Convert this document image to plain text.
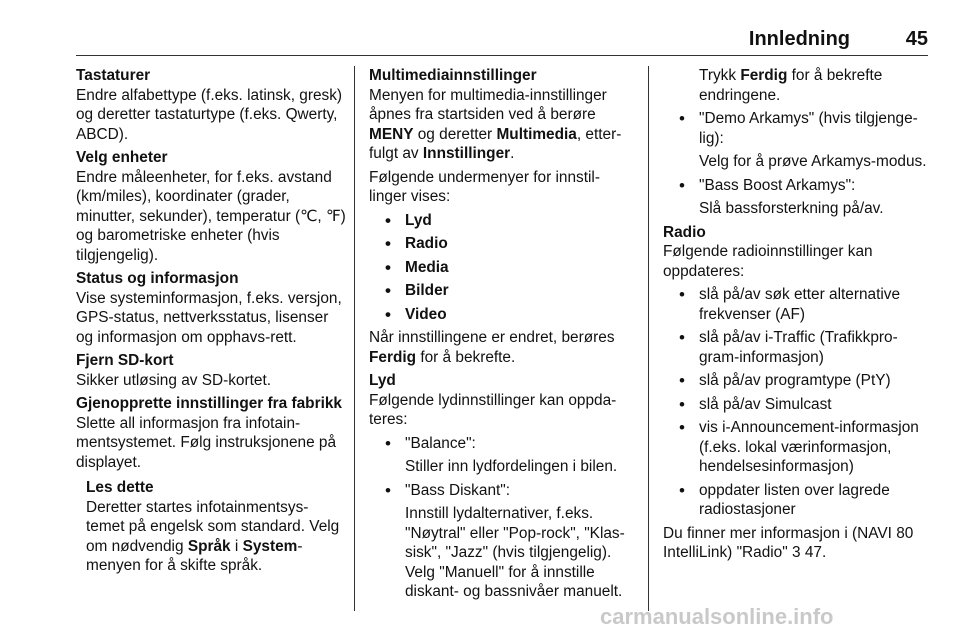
Innledning	45
Tastaturer
Endre alfabettype (f.eks. latinsk, gresk) og deretter tastaturtype (f.eks. Qwerty, ABCD).
Velg enheter
Endre måleenheter, for f.eks. avstand (km/miles), koordinater (grader, minutter, sekunder), temperatur (℃, ℉) og barometriske enheter (hvis tilgjengelig).
Status og informasjon
Vise systeminformasjon, f.eks. versjon, GPS-status, nettverksstatus, lisenser og informasjon om opphavs-rett.
Fjern SD-kort
Sikker utløsing av SD-kortet.
Gjenopprette innstillinger fra fabrikk
Slette all informasjon fra infotain-mentsystemet. Følg instruksjonene på displayet.
Les dette
Deretter startes infotainmentsys-temet på engelsk som standard. Velg om nødvendig Språk i System-menyen for å skifte språk.
Multimediainnstillinger
Menyen for multimedia-innstillinger åpnes fra startsiden ved å berøre MENY og deretter Multimedia, etter-fulgt av Innstillinger.
Følgende undermenyer for innstil-linger vises:
• Lyd
• Radio
• Media
• Bilder
• Video
Når innstillingene er endret, berøres Ferdig for å bekrefte.
Lyd
Følgende lydinnstillinger kan oppda-teres:
• "Balance":
Stiller inn lydfordelingen i bilen.
• "Bass Diskant":
Innstill lydalternativer, f.eks. "Nøytral" eller "Pop-rock", "Klas-sisk", "Jazz" (hvis tilgjengelig). Velg "Manuell" for å innstille diskant- og bassnivåer manuelt.
Trykk Ferdig for å bekrefte endringene.
• "Demo Arkamys" (hvis tilgjenge-lig):
Velg for å prøve Arkamys-modus.
• "Bass Boost Arkamys":
Slå bassforsterkning på/av.
Radio
Følgende radioinnstillinger kan oppdateres:
• slå på/av søk etter alternative frekvenser (AF)
• slå på/av i-Traffic (Trafikkpro-gram-informasjon)
• slå på/av programtype (PtY)
• slå på/av Simulcast
• vis i-Announcement-informasjon (f.eks. lokal værinformasjon, hendelsesinformasjon)
• oppdater listen over lagrede radiostasjoner
Du finner mer informasjon i (NAVI 80 IntelliLink) "Radio" 3 47.
carmanualsonline.info
